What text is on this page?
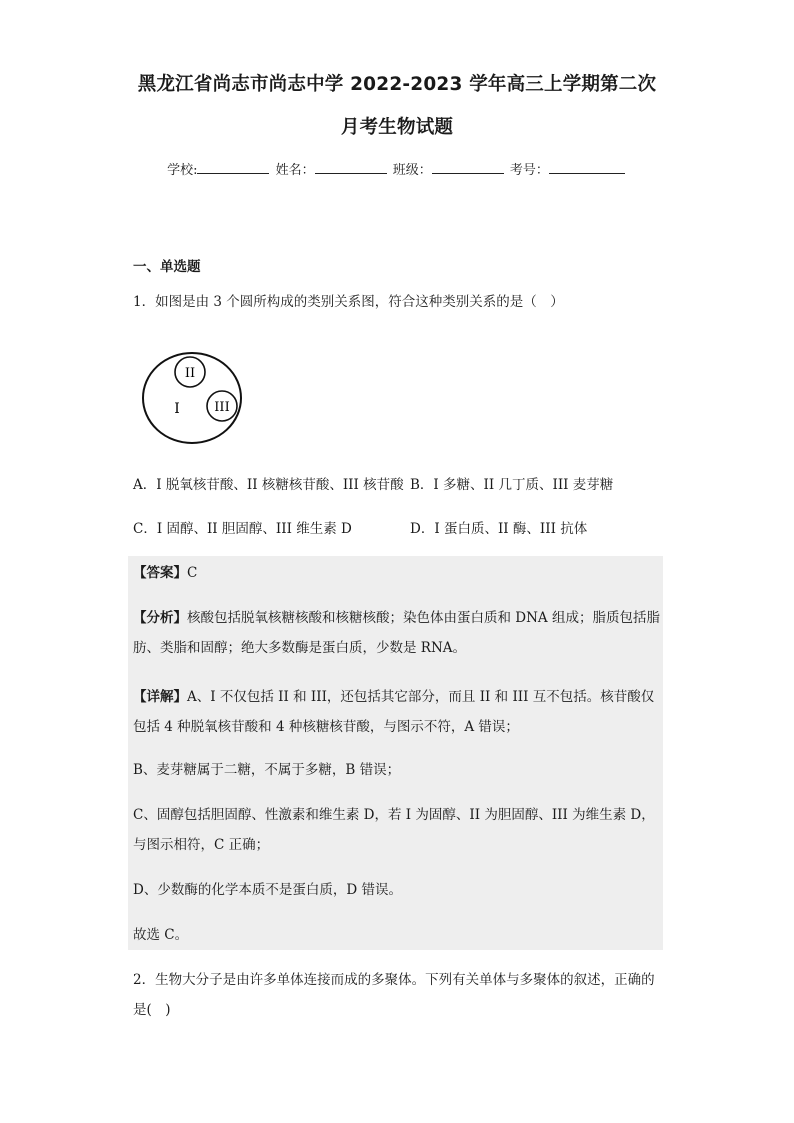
黑龙江省尚志市尚志中学 2022-2023 学年高三上学期第二次
月考生物试题
学校:	姓名：	班级：	考号：
一、单选题
1．如图是由 3 个圆所构成的类别关系图，符合这种类别关系的是（　）
II
III
I
A．I 脱氧核苷酸、II 核糖核苷酸、III 核苷酸 B．I 多糖、II 几丁质、III 麦芽糖
C．I 固醇、II 胆固醇、III 维生素 D	D．I 蛋白质、II 酶、III 抗体
【答案】C
【分析】核酸包括脱氧核糖核酸和核糖核酸；染色体由蛋白质和 DNA 组成；脂质包括脂肪、类脂和固醇；绝大多数酶是蛋白质，少数是 RNA。
【详解】A、I 不仅包括 II 和 III，还包括其它部分，而且 II 和 III 互不包括。核苷酸仅包括 4 种脱氧核苷酸和 4 种核糖核苷酸，与图示不符，A 错误；
B、麦芽糖属于二糖，不属于多糖，B 错误；
C、固醇包括胆固醇、性激素和维生素 D，若 I 为固醇、II 为胆固醇、III 为维生素 D，与图示相符，C 正确；
D、少数酶的化学本质不是蛋白质，D 错误。
故选 C。
2．生物大分子是由许多单体连接而成的多聚体。下列有关单体与多聚体的叙述，正确的是(　)
